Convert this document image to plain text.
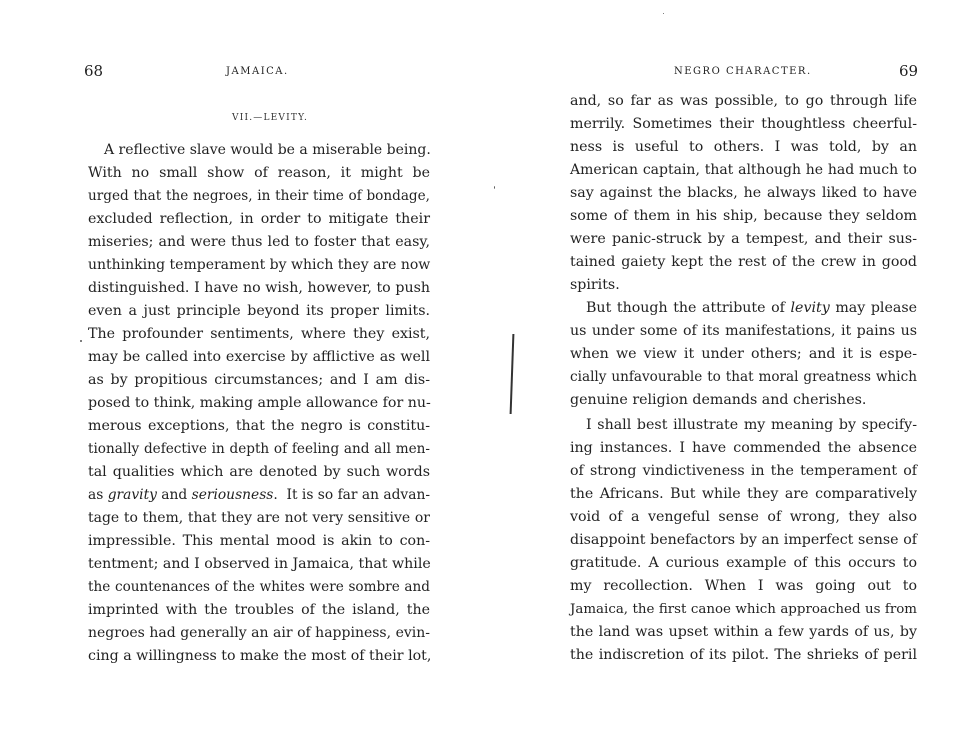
68	JAMAICA.
VII.—LEVITY.
A reflective slave would be a miserable being.
With no small show of reason, it might be
urged that the negroes, in their time of bondage,
excluded reflection, in order to mitigate their
miseries; and were thus led to foster that easy,
unthinking temperament by which they are now
distinguished. I have no wish, however, to push
even a just principle beyond its proper limits.
The profounder sentiments, where they exist,
may be called into exercise by afflictive as well
as by propitious circumstances; and I am dis-
posed to think, making ample allowance for nu-
merous exceptions, that the negro is constitu-
tionally defective in depth of feeling and all men-
tal qualities which are denoted by such words
as gravity and seriousness.  It is so far an advan-
tage to them, that they are not very sensitive or
impressible. This mental mood is akin to con-
tentment; and I observed in Jamaica, that while
the countenances of the whites were sombre and
imprinted with the troubles of the island, the
negroes had generally an air of happiness, evin-
cing a willingness to make the most of their lot,
NEGRO CHARACTER.	69
and, so far as was possible, to go through life
merrily. Sometimes their thoughtless cheerful-
ness is useful to others. I was told, by an
American captain, that although he had much to
say against the blacks, he always liked to have
some of them in his ship, because they seldom
were panic-struck by a tempest, and their sus-
tained gaiety kept the rest of the crew in good
spirits.
But though the attribute of levity may please
us under some of its manifestations, it pains us
when we view it under others; and it is espe-
cially unfavourable to that moral greatness which
genuine religion demands and cherishes.
I shall best illustrate my meaning by specify-
ing instances. I have commended the absence
of strong vindictiveness in the temperament of
the Africans. But while they are comparatively
void of a vengeful sense of wrong, they also
disappoint benefactors by an imperfect sense of
gratitude. A curious example of this occurs to
my recollection. When I was going out to
Jamaica, the first canoe which approached us from
the land was upset within a few yards of us, by
the indiscretion of its pilot. The shrieks of peril
